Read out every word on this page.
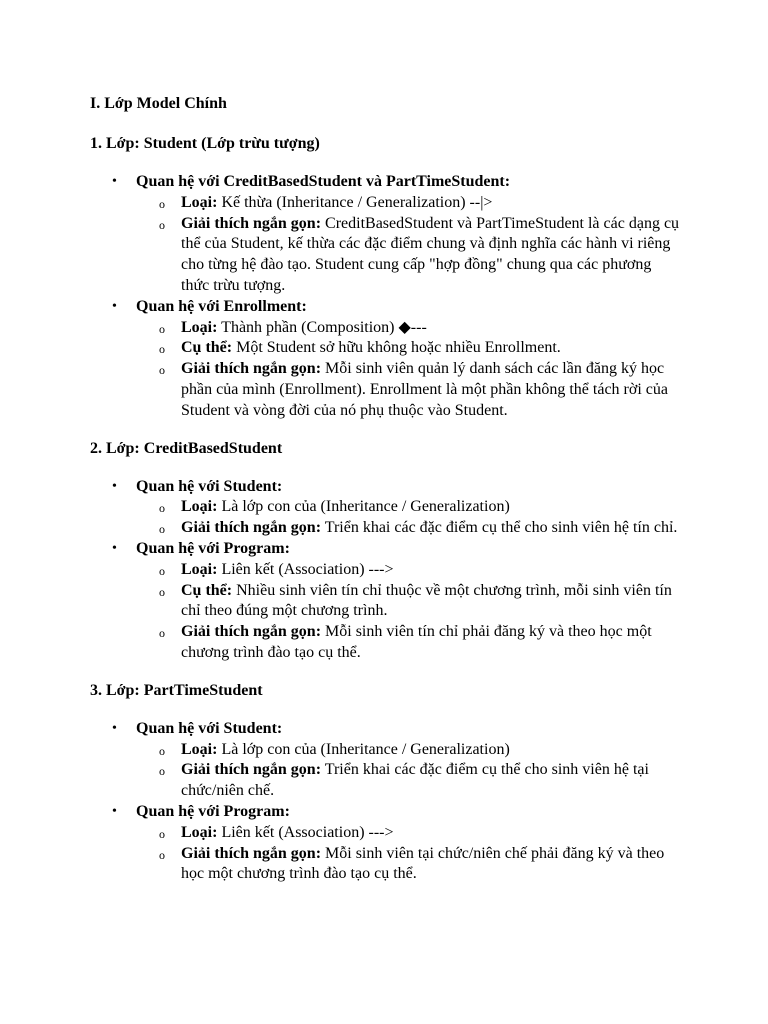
I. Lớp Model Chính

1. Lớp: Student (Lớp trừu tượng)

• Quan hệ với CreditBasedStudent và PartTimeStudent:
o Loại: Kế thừa (Inheritance / Generalization) --|>
o Giải thích ngắn gọn: CreditBasedStudent và PartTimeStudent là các dạng cụ thể của Student, kế thừa các đặc điểm chung và định nghĩa các hành vi riêng cho từng hệ đào tạo. Student cung cấp "hợp đồng" chung qua các phương thức trừu tượng.
• Quan hệ với Enrollment:
o Loại: Thành phần (Composition) ◆---
o Cụ thể: Một Student sở hữu không hoặc nhiều Enrollment.
o Giải thích ngắn gọn: Mỗi sinh viên quản lý danh sách các lần đăng ký học phần của mình (Enrollment). Enrollment là một phần không thể tách rời của Student và vòng đời của nó phụ thuộc vào Student.

2. Lớp: CreditBasedStudent

• Quan hệ với Student:
o Loại: Là lớp con của (Inheritance / Generalization)
o Giải thích ngắn gọn: Triển khai các đặc điểm cụ thể cho sinh viên hệ tín chỉ.
• Quan hệ với Program:
o Loại: Liên kết (Association) --->
o Cụ thể: Nhiều sinh viên tín chỉ thuộc về một chương trình, mỗi sinh viên tín chỉ theo đúng một chương trình.
o Giải thích ngắn gọn: Mỗi sinh viên tín chỉ phải đăng ký và theo học một chương trình đào tạo cụ thể.

3. Lớp: PartTimeStudent

• Quan hệ với Student:
o Loại: Là lớp con của (Inheritance / Generalization)
o Giải thích ngắn gọn: Triển khai các đặc điểm cụ thể cho sinh viên hệ tại chức/niên chế.
• Quan hệ với Program:
o Loại: Liên kết (Association) --->
o Giải thích ngắn gọn: Mỗi sinh viên tại chức/niên chế phải đăng ký và theo học một chương trình đào tạo cụ thể.
